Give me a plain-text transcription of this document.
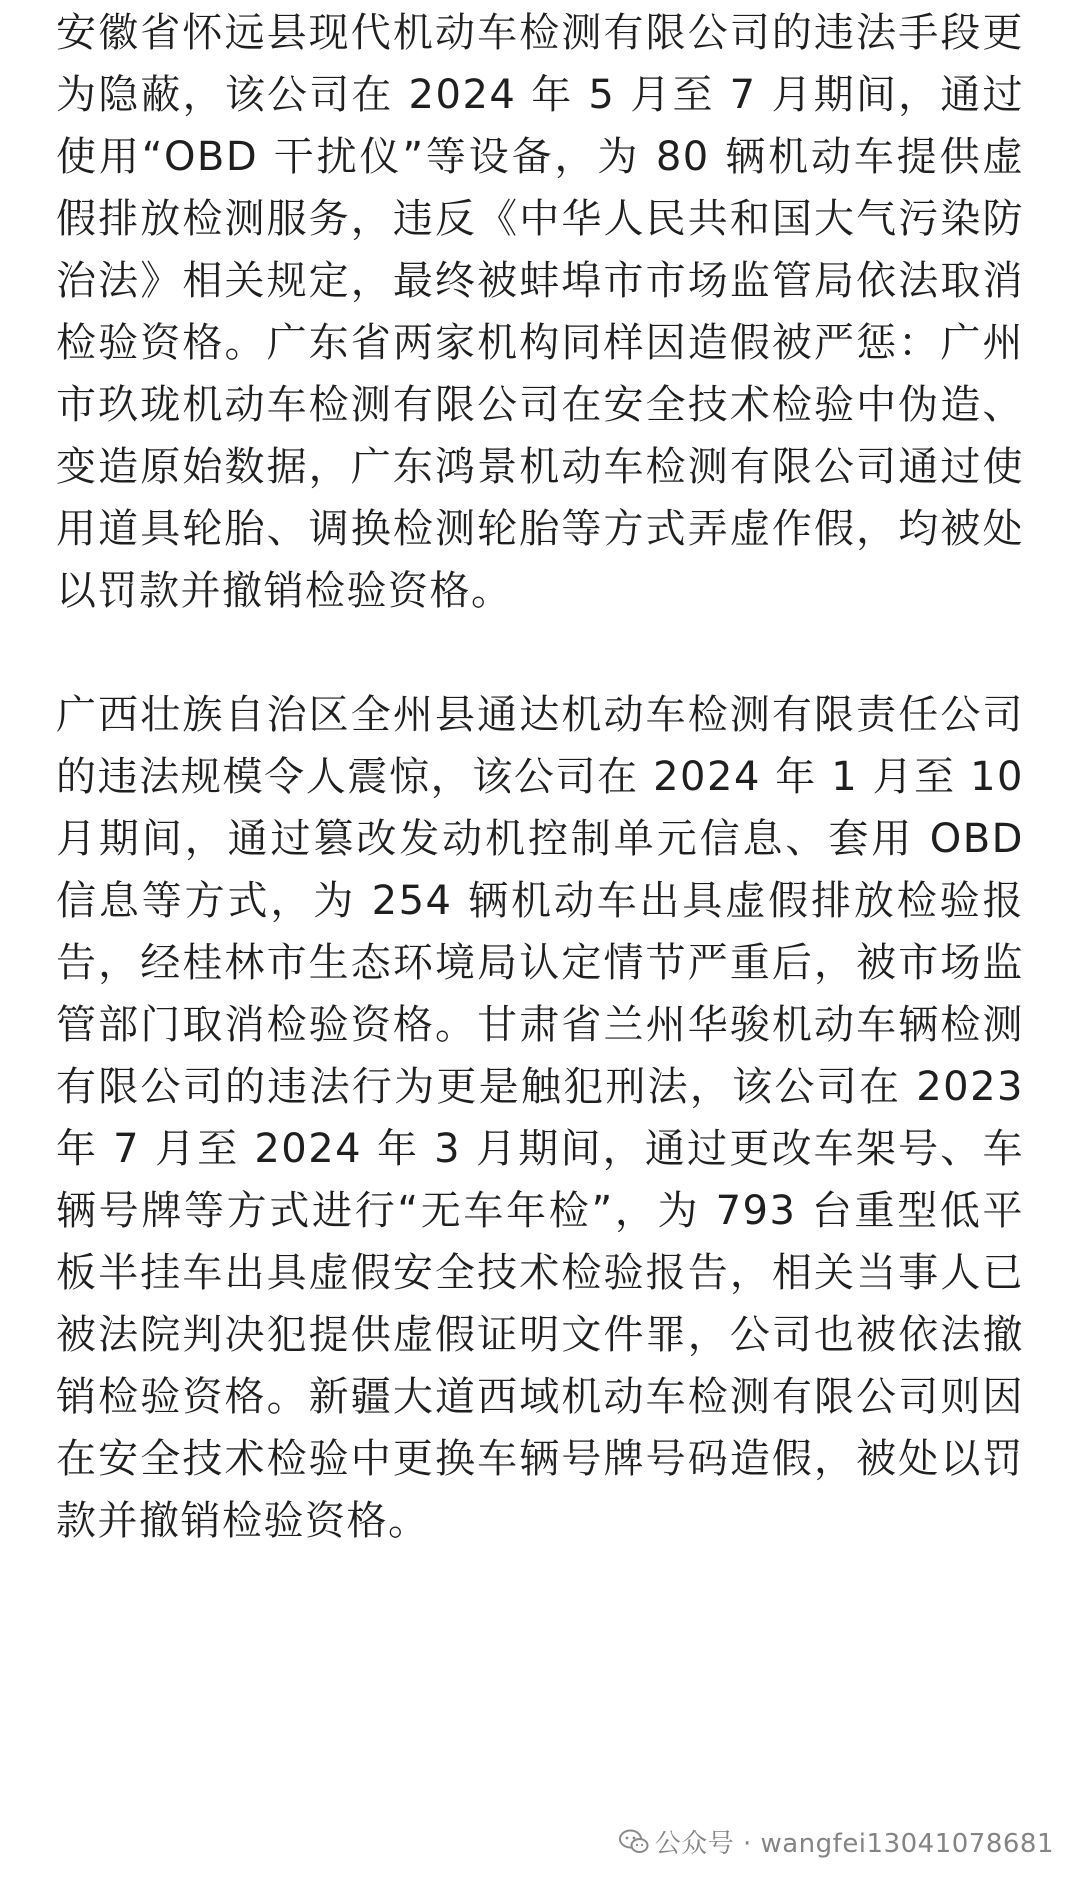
安徽省怀远县现代机动车检测有限公司的违法手段更为隐蔽，该公司在 2024 年 5 月至 7 月期间，通过使用“OBD 干扰仪”等设备，为 80 辆机动车提供虚假排放检测服务，违反《中华人民共和国大气污染防治法》相关规定，最终被蚌埠市市场监管局依法取消检验资格。广东省两家机构同样因造假被严惩：广州市玖珑机动车检测有限公司在安全技术检验中伪造、变造原始数据，广东鸿景机动车检测有限公司通过使用道具轮胎、调换检测轮胎等方式弄虚作假，均被处以罚款并撤销检验资格。

广西壮族自治区全州县通达机动车检测有限责任公司的违法规模令人震惊，该公司在 2024 年 1 月至 10 月期间，通过篡改发动机控制单元信息、套用 OBD 信息等方式，为 254 辆机动车出具虚假排放检验报告，经桂林市生态环境局认定情节严重后，被市场监管部门取消检验资格。甘肃省兰州华骏机动车辆检测有限公司的违法行为更是触犯刑法，该公司在 2023 年 7 月至 2024 年 3 月期间，通过更改车架号、车辆号牌等方式进行“无车年检”，为 793 台重型低平板半挂车出具虚假安全技术检验报告，相关当事人已被法院判决犯提供虚假证明文件罪，公司也被依法撤销检验资格。新疆大道西域机动车检测有限公司则因在安全技术检验中更换车辆号牌号码造假，被处以罚款并撤销检验资格。

公众号 · wangfei13041078681
